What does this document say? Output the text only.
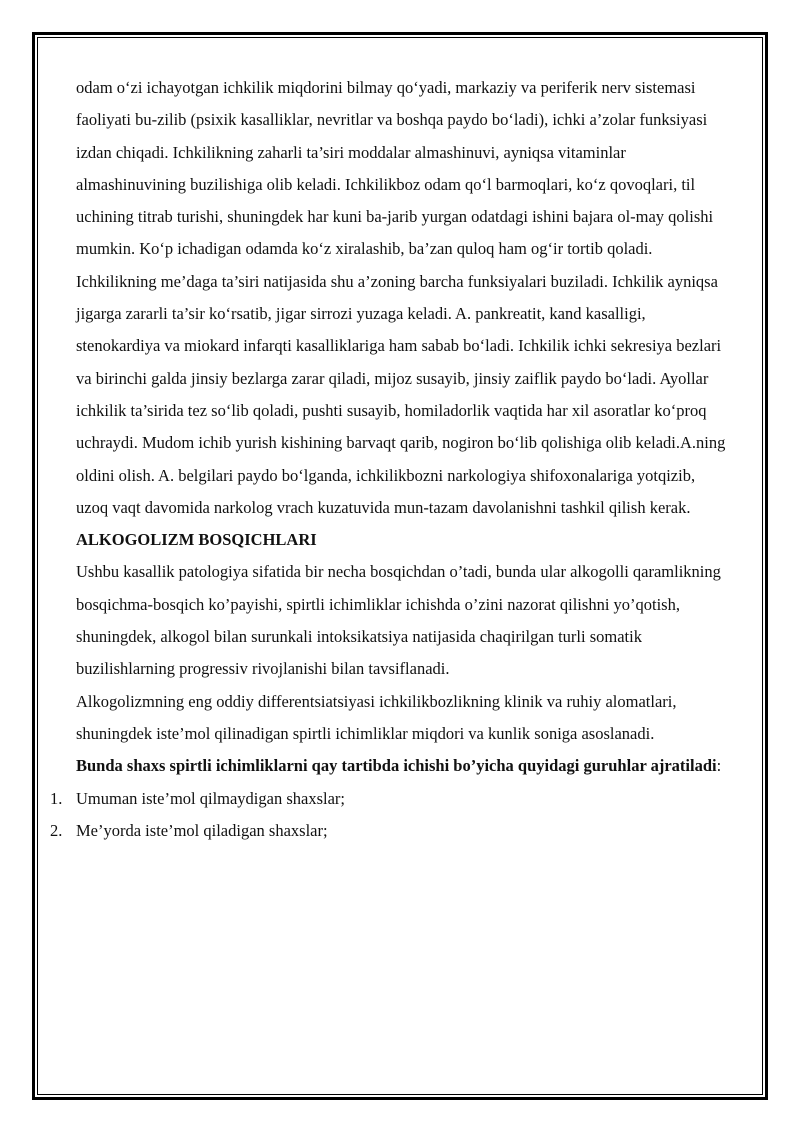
odam o‘zi ichayotgan ichkilik miqdorini bilmay qo‘yadi, markaziy va periferik nerv sistemasi faoliyati bu-zilib (psixik kasalliklar, nevritlar va boshqa paydo bo‘ladi), ichki a’zolar funksiyasi izdan chiqadi. Ichkilikning zaharli ta’siri moddalar almashinuvi, ayniqsa vitaminlar almashinuvining buzilishiga olib keladi. Ichkilikboz odam qo‘l barmoqlari, ko‘z qovoqlari, til uchining titrab turishi, shuningdek har kuni ba-jarib yurgan odatdagi ishini bajara ol-may qolishi mumkin. Ko‘p ichadigan odamda ko‘z xiralashib, ba’zan quloq ham og‘ir tortib qoladi. Ichkilikning me’daga ta’siri natijasida shu a’zoning barcha funksiyalari buziladi. Ichkilik ayniqsa jigarga zararli ta’sir ko‘rsatib, jigar sirrozi yuzaga keladi. A. pankreatit, kand kasalligi, stenokardiya va miokard infarqti kasalliklariga ham sabab bo‘ladi. Ichkilik ichki sekresiya bezlari va birinchi galda jinsiy bezlarga zarar qiladi, mijoz susayib, jinsiy zaiflik paydo bo‘ladi. Ayollar ichkilik ta’sirida tez so‘lib qoladi, pushti susayib, homiladorlik vaqtida har xil asoratlar ko‘proq uchraydi. Mudom ichib yurish kishining barvaqt qarib, nogiron bo‘lib qolishiga olib keladi.A.ning oldini olish. A. belgilari paydo bo‘lganda, ichkilikbozni narkologiya shifoxonalariga yotqizib, uzoq vaqt davomida narkolog vrach kuzatuvida mun-tazam davolanishni tashkil qilish kerak.

ALKOGOLIZM BOSQICHLARI

Ushbu kasallik patologiya sifatida bir necha bosqichdan o’tadi, bunda ular alkogolli qaramlikning bosqichma-bosqich ko’payishi, spirtli ichimliklar ichishda o’zini nazorat qilishni yo’qotish, shuningdek, alkogol bilan surunkali intoksikatsiya natijasida chaqirilgan turli somatik buzilishlarning progressiv rivojlanishi bilan tavsiflanadi.

Alkogolizmning eng oddiy differentsiatsiyasi ichkilikbozlikning klinik va ruhiy alomatlari, shuningdek iste’mol qilinadigan spirtli ichimliklar miqdori va kunlik soniga asoslanadi.

Bunda shaxs spirtli ichimliklarni qay tartibda ichishi bo’yicha quyidagi guruhlar ajratiladi:

1. Umuman iste’mol qilmaydigan shaxslar;
2. Me’yorda iste’mol qiladigan shaxslar;
